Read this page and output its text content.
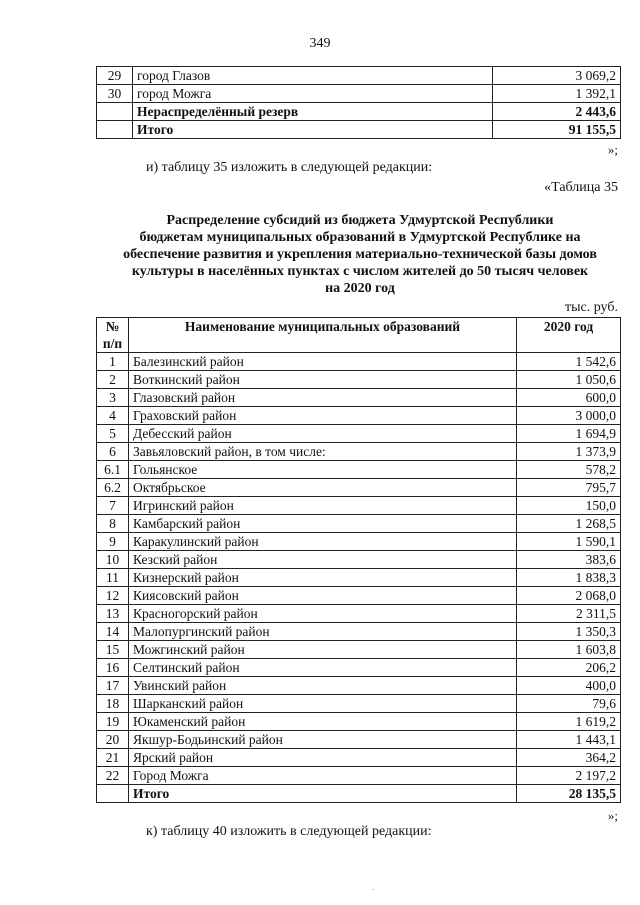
349
29	город Глазов	3 069,2
30	город Можга	1 392,1
	Нераспределённый резерв	2 443,6
	Итого	91 155,5
»;
и) таблицу 35 изложить в следующей редакции:
«Таблица 35
Распределение субсидий из бюджета Удмуртской Республики
бюджетам муниципальных образований в Удмуртской Республике на
обеспечение развития и укрепления материально-технической базы домов
культуры в населённых пунктах с числом жителей до 50 тысяч человек
на 2020 год
тыс. руб.
№ п/п	Наименование муниципальных образований	2020 год
1	Балезинский район	1 542,6
2	Воткинский район	1 050,6
3	Глазовский район	600,0
4	Граховский район	3 000,0
5	Дебесский район	1 694,9
6	Завьяловский район, в том числе:	1 373,9
6.1	Гольянское	578,2
6.2	Октябрьское	795,7
7	Игринский район	150,0
8	Камбарский район	1 268,5
9	Каракулинский район	1 590,1
10	Кезский район	383,6
11	Кизнерский район	1 838,3
12	Киясовский район	2 068,0
13	Красногорский район	2 311,5
14	Малопургинский район	1 350,3
15	Можгинский район	1 603,8
16	Селтинский район	206,2
17	Увинский район	400,0
18	Шарканский район	79,6
19	Юкаменский район	1 619,2
20	Якшур-Бодьинский район	1 443,1
21	Ярский район	364,2
22	Город Можга	2 197,2
	Итого	28 135,5
»;
к) таблицу 40 изложить в следующей редакции:
.
